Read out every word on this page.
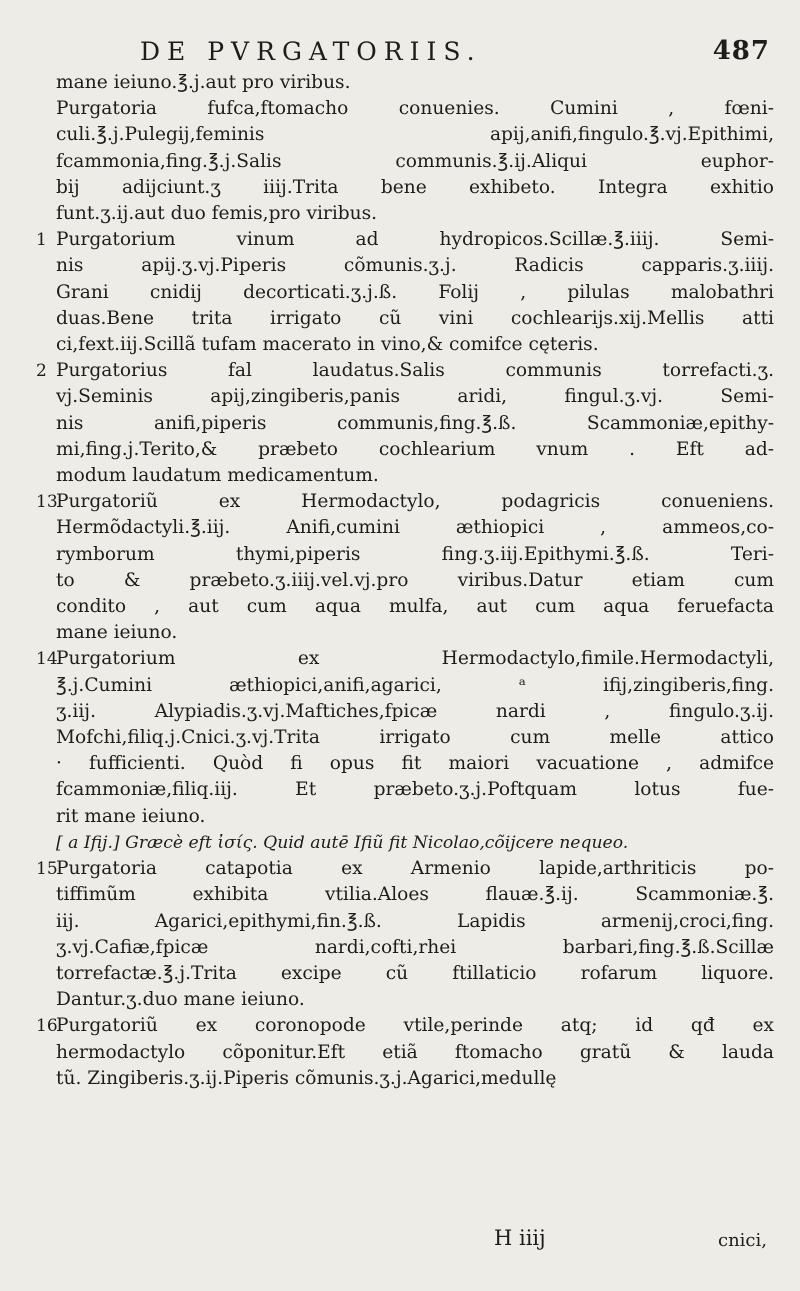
DE PVRGATORIIS.	487
mane ieiuno.℥.j.aut pro viribus.
Purgatoria fufca,ftomacho conuenies. Cumini , fœni-
culi.℥.j.Pulegij,feminis apij,anifi,fingulo.℥.vj.Epithimi,
fcammonia,fing.℥.j.Salis communis.℥.ij.Aliqui euphor-
bij adijciunt.ʒ iiij.Trita bene exhibeto. Integra exhitio
funt.ʒ.ij.aut duo femis,pro viribus.
1 Purgatorium vinum ad hydropicos.Scillæ.℥.iiij. Semi-
nis apij.ʒ.vj.Piperis cõmunis.ʒ.j. Radicis capparis.ʒ.iiij.
Grani cnidij decorticati.ʒ.j.ß. Folij , pilulas malobathri
duas.Bene trita irrigato cũ vini cochlearijs.xij.Mellis atti
ci,fext.iij.Scillã tufam macerato in vino,& comifce cęteris.
2 Purgatorius fal laudatus.Salis communis torrefacti.ʒ.
vj.Seminis apij,zingiberis,panis aridi, fingul.ʒ.vj. Semi-
nis anifi,piperis communis,fing.℥.ß. Scammoniæ,epithy-
mi,fing.j.Terito,& præbeto cochlearium vnum . Eft ad-
modum laudatum medicamentum.
13
Purgatoriũ ex Hermodactylo, podagricis conueniens.
Hermõdactyli.℥.iij. Anifi,cumini æthiopici , ammeos,co-
rymborum thymi,piperis fing.ʒ.iij.Epithymi.℥.ß. Teri-
to & præbeto.ʒ.iiij.vel.vj.pro viribus.Datur etiam cum
condito , aut cum aqua mulfa, aut cum aqua feruefacta
mane ieiuno.
14
Purgatorium ex Hermodactylo,fimile.Hermodactyli,
℥.j.Cumini æthiopici,anifi,agarici, ᵃ ifij,zingiberis,fing.
ʒ.iij. Alypiadis.ʒ.vj.Maftiches,fpicæ nardi , fingulo.ʒ.ij.
Mofchi,filiq.j.Cnici.ʒ.vj.Trita irrigato cum melle attico
· fufficienti. Quòd fi opus fit maiori vacuatione , admifce
fcammoniæ,filiq.iij. Et præbeto.ʒ.j.Poftquam lotus fue-
rit mane ieiuno.
[ a Ifij.] Græcè eft ἰσίς. Quid autē Ifiũ fit Nicolao,cõijcere nequeo.
15
Purgatoria catapotia ex Armenio lapide,arthriticis po-
tiffimũm exhibita vtilia.Aloes flauæ.℥.ij. Scammoniæ.℥.
iij. Agarici,epithymi,fin.℥.ß. Lapidis armenij,croci,fing.
ʒ.vj.Cafiæ,fpicæ nardi,cofti,rhei barbari,fing.℥.ß.Scillæ
torrefactæ.℥.j.Trita excipe cũ ftillaticio rofarum liquore.
Dantur.ʒ.duo mane ieiuno.
16
Purgatoriũ ex coronopode vtile,perinde atq; id qđ ex
hermodactylo cõponitur.Eft etiã ftomacho gratũ & lauda
tũ. Zingiberis.ʒ.ij.Piperis cõmunis.ʒ.j.Agarici,medullę
H iiij	cnici,
